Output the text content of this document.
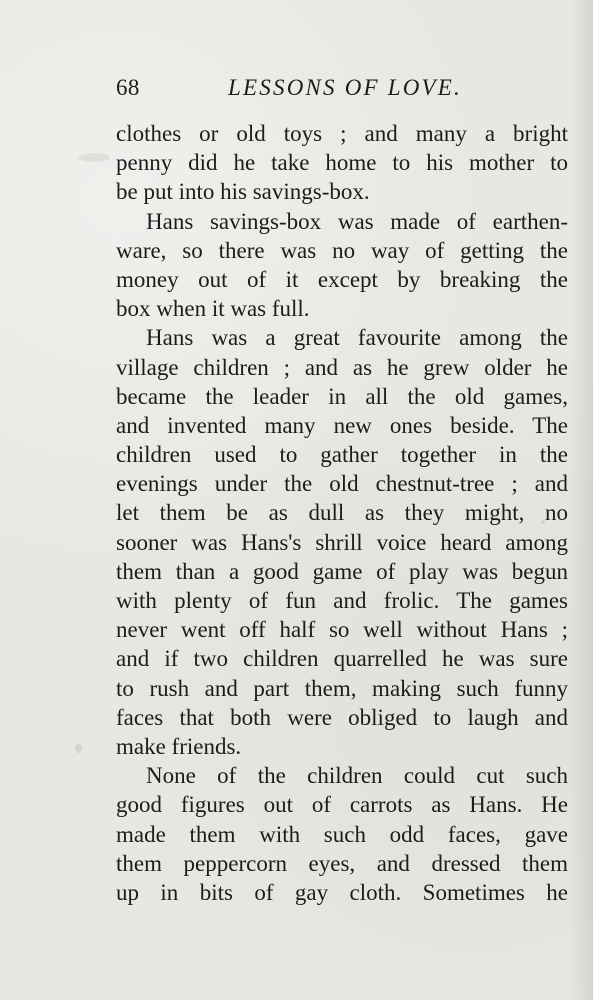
68	LESSONS OF LOVE.
clothes or old toys ; and many a bright
penny did he take home to his mother to
be put into his savings-box.
Hans savings-box was made of earthen-
ware, so there was no way of getting the
money out of it except by breaking the
box when it was full.
Hans was a great favourite among the
village children ; and as he grew older he
became the leader in all the old games,
and invented many new ones beside. The
children used to gather together in the
evenings under the old chestnut-tree ; and
let them be as dull as they might, no
sooner was Hans's shrill voice heard among
them than a good game of play was begun
with plenty of fun and frolic. The games
never went off half so well without Hans ;
and if two children quarrelled he was sure
to rush and part them, making such funny
faces that both were obliged to laugh and
make friends.
None of the children could cut such
good figures out of carrots as Hans. He
made them with such odd faces, gave
them peppercorn eyes, and dressed them
up in bits of gay cloth. Sometimes he
